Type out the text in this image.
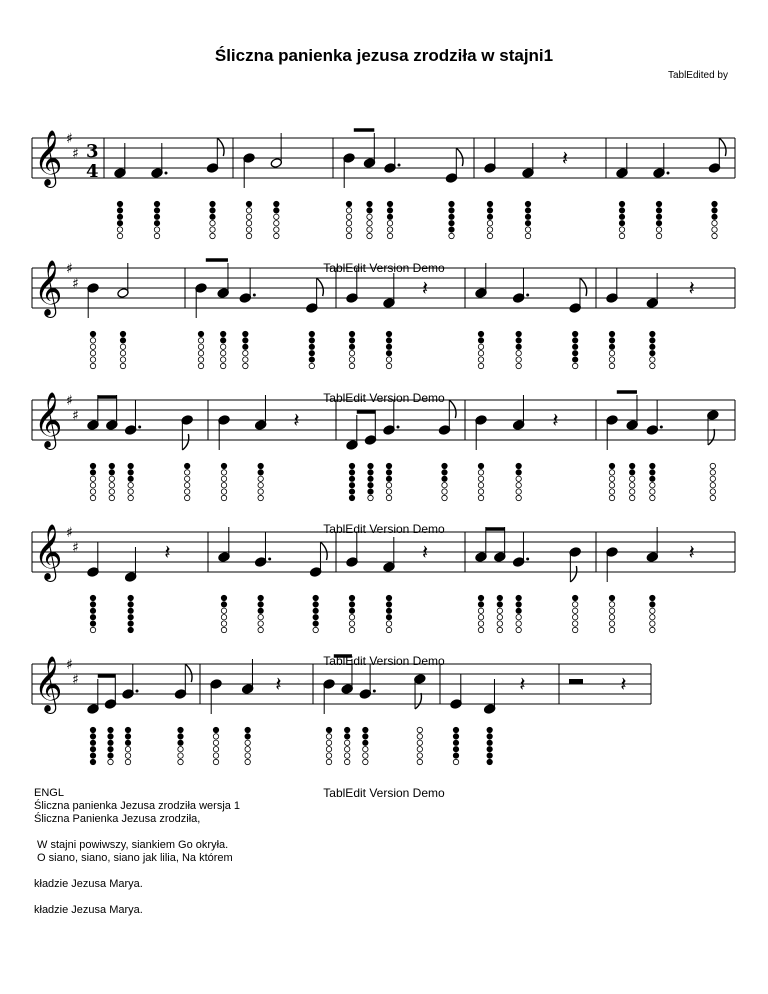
Śliczna panienka jezusa zrodziła w stajni1
TablEdited by
𝄞 ♯
♯ 3
4
𝄽
𝄞 ♯
♯	𝄽	𝄽
𝄞 ♯
♯	𝄽	𝄽
𝄞 ♯
♯	𝄽	𝄽	𝄽
𝄞 ♯
♯	𝄽	𝄽	𝄽
TablEdit Version Demo
TablEdit Version Demo
TablEdit Version Demo
TablEdit Version Demo
ENGL
Śliczna panienka Jezusa zrodziła wersja 1
Śliczna Panienka Jezusa zrodziła,
W stajni powiwszy, siankiem Go okryła.
O siano, siano, siano jak lilia, Na którem
kładzie Jezusa Marya.
kładzie Jezusa Marya.
TablEdit Version Demo
